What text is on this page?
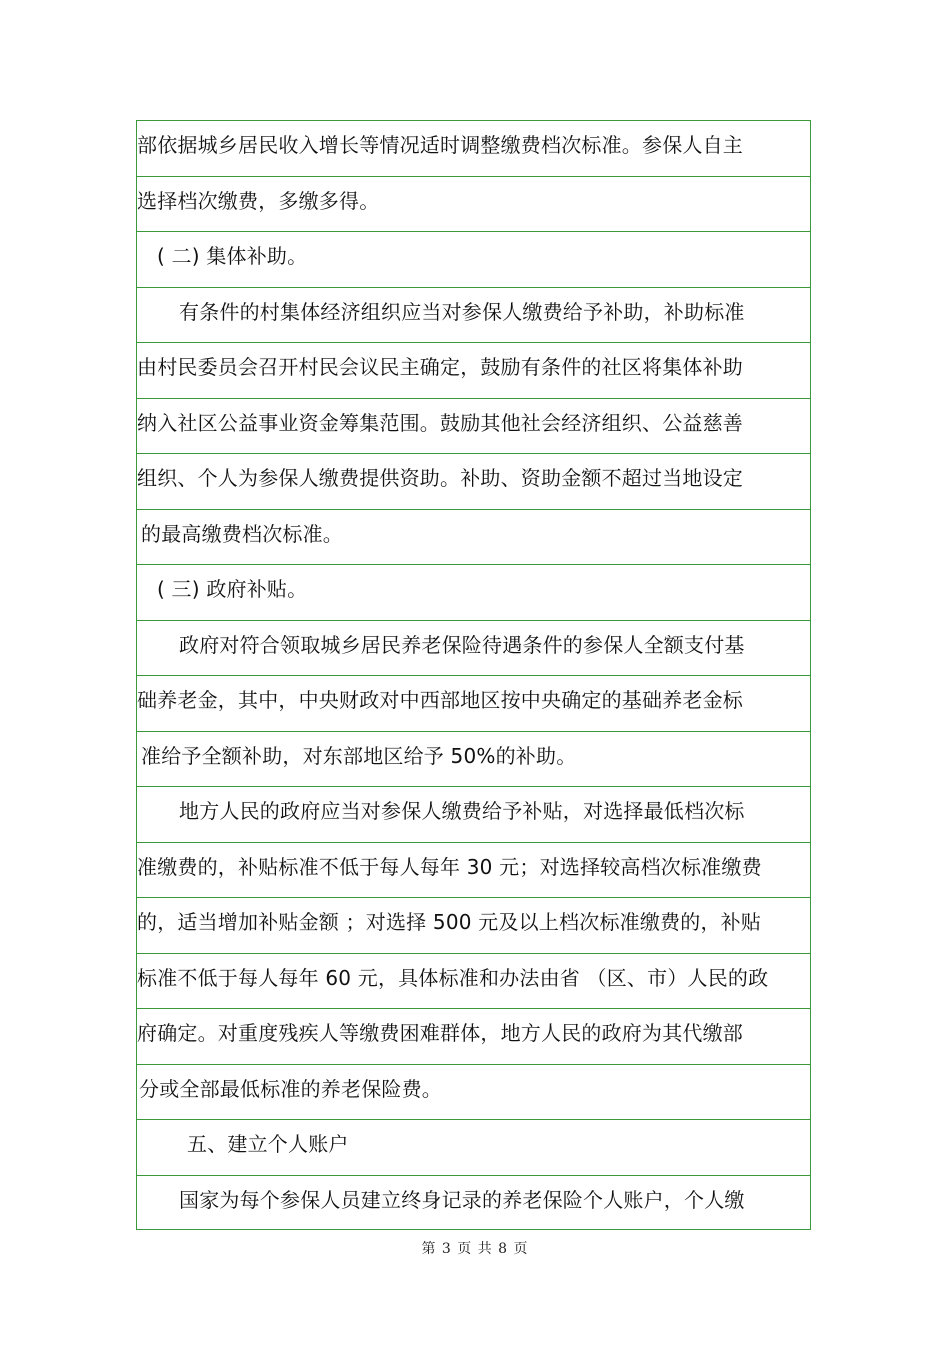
部依据城乡居民收入增长等情况适时调整缴费档次标准。参保人自主
选择档次缴费，多缴多得。
( 二) 集体补助。
有条件的村集体经济组织应当对参保人缴费给予补助，补助标准
由村民委员会召开村民会议民主确定，鼓励有条件的社区将集体补助
纳入社区公益事业资金筹集范围。鼓励其他社会经济组织、公益慈善
组织、个人为参保人缴费提供资助。补助、资助金额不超过当地设定
的最高缴费档次标准。
( 三) 政府补贴。
政府对符合领取城乡居民养老保险待遇条件的参保人全额支付基
础养老金，其中，中央财政对中西部地区按中央确定的基础养老金标
准给予全额补助，对东部地区给予 50%的补助。
地方人民的政府应当对参保人缴费给予补贴，对选择最低档次标
准缴费的，补贴标准不低于每人每年 30 元；对选择较高档次标准缴费
的，适当增加补贴金额 ；对选择 500 元及以上档次标准缴费的，补贴
标准不低于每人每年 60 元，具体标准和办法由省 （区、市）人民的政
府确定。对重度残疾人等缴费困难群体，地方人民的政府为其代缴部
分或全部最低标准的养老保险费。
五、建立个人账户
国家为每个参保人员建立终身记录的养老保险个人账户，个人缴
第 3 页 共 8 页
